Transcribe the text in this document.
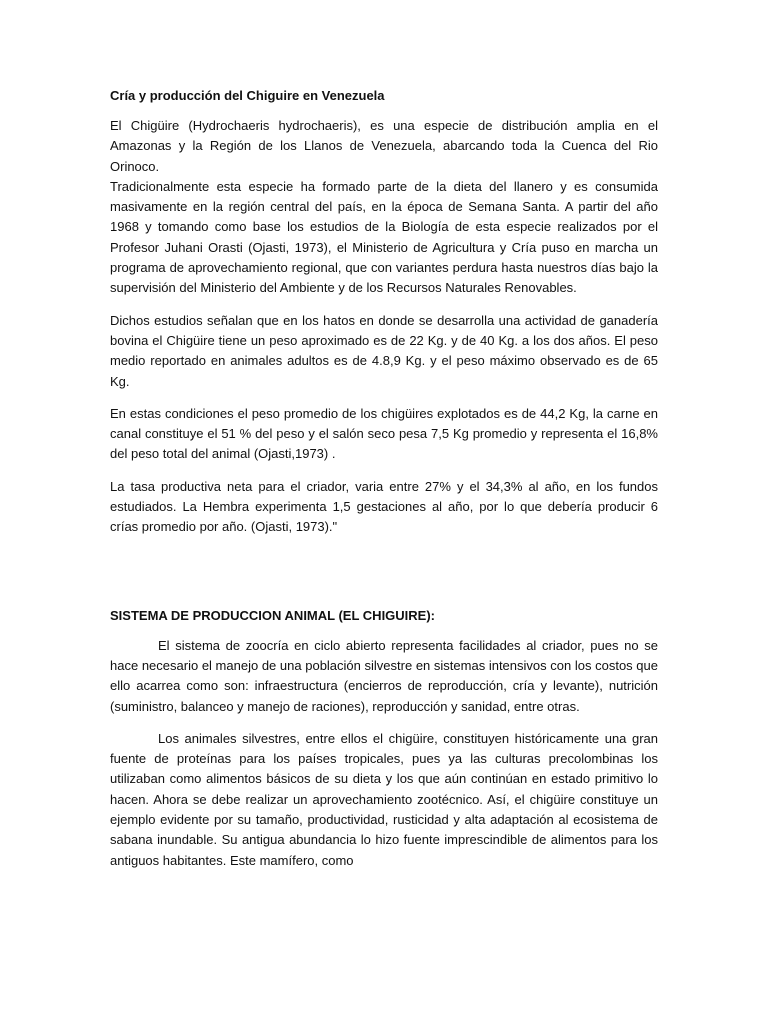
Cría y producción del Chiguire en Venezuela
El Chigüire (Hydrochaeris hydrochaeris), es una especie de distribución amplia en el Amazonas y la Región de los Llanos de Venezuela, abarcando toda la Cuenca del Rio Orinoco.
Tradicionalmente esta especie ha formado parte de la dieta del llanero y es consumida masivamente en la región central del país, en la época de Semana Santa. A partir del año 1968 y tomando como base los estudios de la Biología de esta especie realizados por el Profesor Juhani Orasti (Ojasti, 1973), el Ministerio de Agricultura y Cría puso en marcha un programa de aprovechamiento regional, que con variantes perdura hasta nuestros días bajo la supervisión del Ministerio del Ambiente y de los Recursos Naturales Renovables.
Dichos estudios señalan que en los hatos en donde se desarrolla una actividad de ganadería bovina el Chigüire tiene un peso aproximado es de 22 Kg. y de 40 Kg. a los dos años. El peso medio reportado en animales adultos es de 4.8,9 Kg. y el peso máximo observado es de 65 Kg.
En estas condiciones el peso promedio de los chigüires explotados es de 44,2 Kg, la carne en canal constituye el 51 % del peso y el salón seco pesa 7,5 Kg promedio y representa el 16,8% del peso total del animal (Ojasti,1973) .
La tasa productiva neta para el criador, varia entre 27% y el 34,3% al año, en los fundos estudiados. La Hembra experimenta 1,5 gestaciones al año, por lo que debería producir 6 crías promedio por año. (Ojasti, 1973)."
SISTEMA DE PRODUCCION ANIMAL (EL CHIGUIRE):
El sistema de zoocría en ciclo abierto representa facilidades al criador, pues no se hace necesario el manejo de una población silvestre en sistemas intensivos con los costos que ello acarrea como son: infraestructura (encierros de reproducción, cría y levante), nutrición (suministro, balanceo y manejo de raciones), reproducción y sanidad, entre otras.
Los animales silvestres, entre ellos el chigüire, constituyen históricamente una gran fuente de proteínas para los países tropicales, pues ya las culturas precolombinas los utilizaban como alimentos básicos de su dieta y los que aún continúan en estado primitivo lo hacen. Ahora se debe realizar un aprovechamiento zootécnico. Así, el chigüire constituye un ejemplo evidente por su tamaño, productividad, rusticidad y alta adaptación al ecosistema de sabana inundable. Su antigua abundancia lo hizo fuente imprescindible de alimentos para los antiguos habitantes. Este mamífero, como
